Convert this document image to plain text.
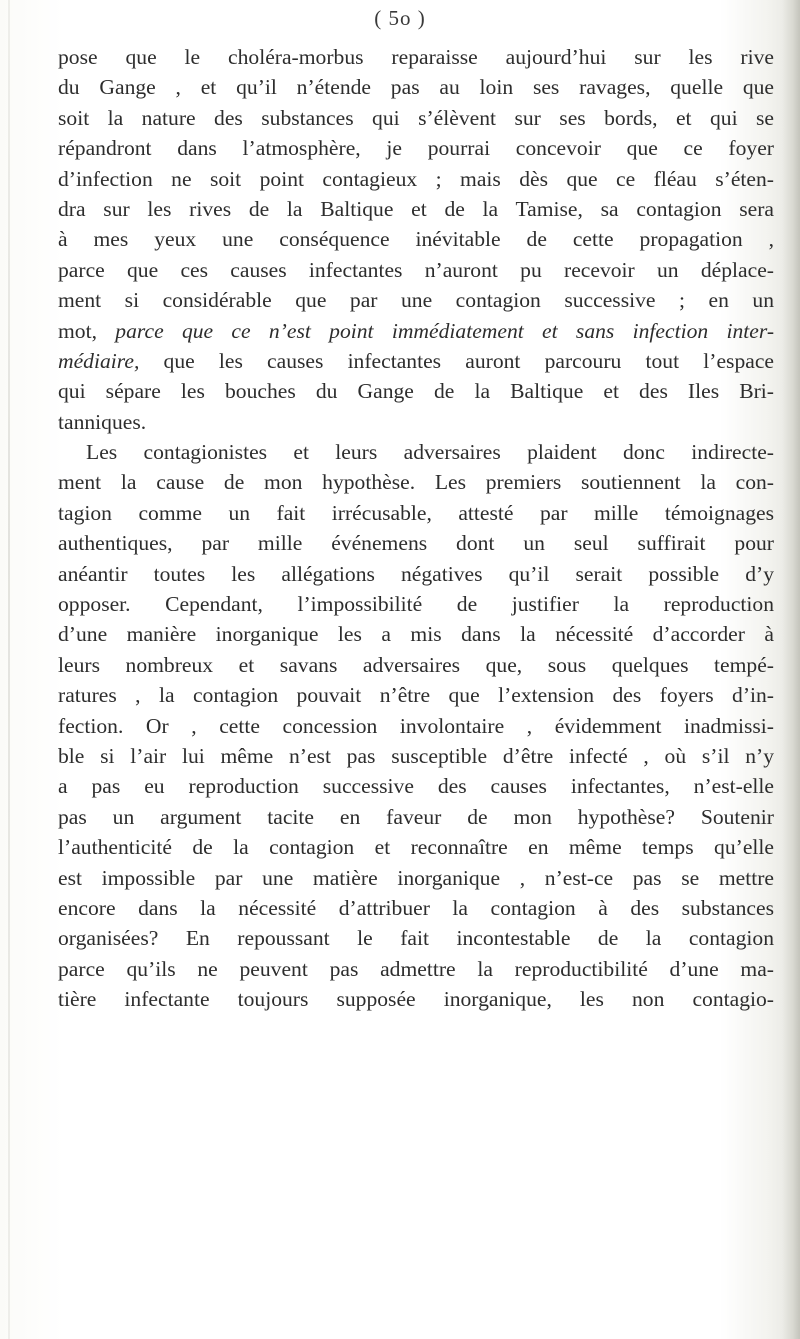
( 5o )
pose que le choléra-morbus reparaisse aujourd’hui sur les rive
du Gange , et qu’il n’étende pas au loin ses ravages, quelle que
soit la nature des substances qui s’élèvent sur ses bords, et qui se
répandront dans l’atmosphère, je pourrai concevoir que ce foyer
d’infection ne soit point contagieux ; mais dès que ce fléau s’éten-
dra sur les rives de la Baltique et de la Tamise, sa contagion sera
à mes yeux une conséquence inévitable de cette propagation ,
parce que ces causes infectantes n’auront pu recevoir un déplace-
ment si considérable que par une contagion successive ; en un
mot, parce que ce n’est point immédiatement et sans infection inter-
médiaire, que les causes infectantes auront parcouru tout l’espace
qui sépare les bouches du Gange de la Baltique et des Iles Bri-
tanniques.
Les contagionistes et leurs adversaires plaident donc indirecte-
ment la cause de mon hypothèse. Les premiers soutiennent la con-
tagion comme un fait irrécusable, attesté par mille témoignages
authentiques, par mille événemens dont un seul suffirait pour
anéantir toutes les allégations négatives qu’il serait possible d’y
opposer. Cependant, l’impossibilité de justifier la reproduction
d’une manière inorganique les a mis dans la nécessité d’accorder à
leurs nombreux et savans adversaires que, sous quelques tempé-
ratures , la contagion pouvait n’être que l’extension des foyers d’in-
fection. Or , cette concession involontaire , évidemment inadmissi-
ble si l’air lui même n’est pas susceptible d’être infecté , où s’il n’y
a pas eu reproduction successive des causes infectantes, n’est-elle
pas un argument tacite en faveur de mon hypothèse? Soutenir
l’authenticité de la contagion et reconnaître en même temps qu’elle
est impossible par une matière inorganique , n’est-ce pas se mettre
encore dans la nécessité d’attribuer la contagion à des substances
organisées? En repoussant le fait incontestable de la contagion
parce qu’ils ne peuvent pas admettre la reproductibilité d’une ma-
tière infectante toujours supposée inorganique, les non contagio-
